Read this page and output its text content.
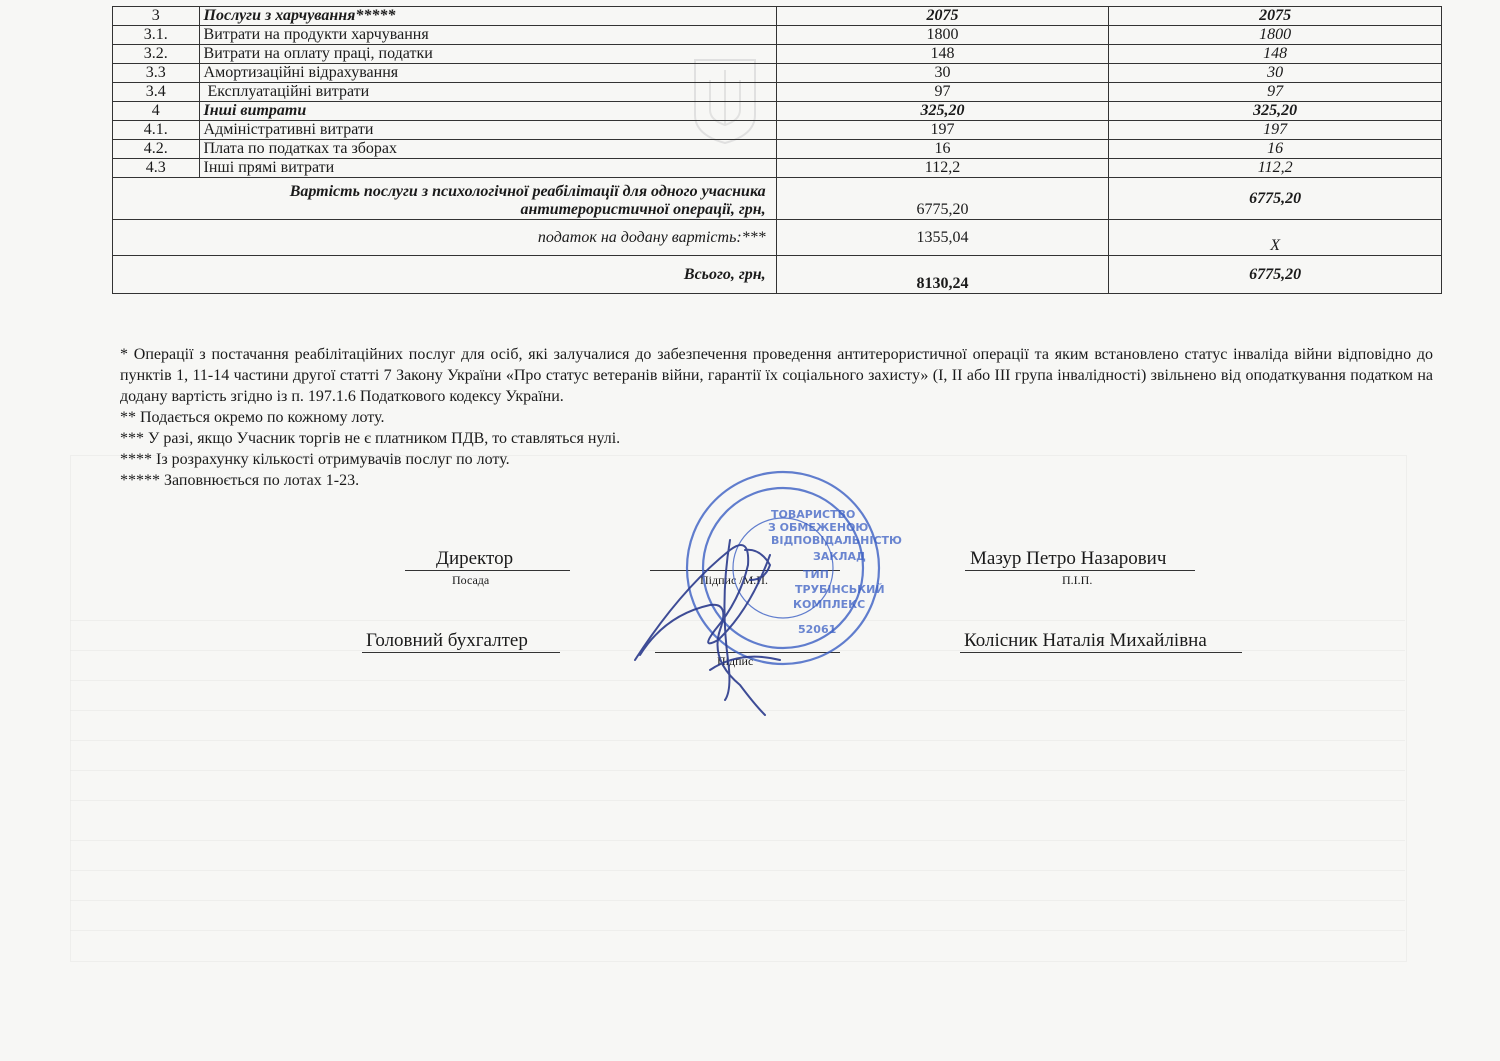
3	Послуги з харчування*****	2075	2075
3.1.	Витрати на продукти харчування	1800	1800
3.2.	Витрати на оплату праці, податки	148	148
3.3	Амортизаційні відрахування	30	30
3.4	Експлуатаційні витрати	97	97
4	Інші витрати	325,20	325,20
4.1.	Адміністративні витрати	197	197
4.2.	Плата по податках та зборах	16	16
4.3	Інші прямі витрати	112,2	112,2

Вартість послуги з психологічної реабілітації для одного учасника
антитерористичної операції, грн,		6775,20	6775,20
податок на додану вартість:***		1355,04	Х
Всього, грн,		8130,24	6775,20

* Операції з постачання реабілітаційних послуг для осіб, які залучалися до забезпечення проведення антитерористичної операції та яким встановлено статус інваліда війни відповідно до пунктів 1, 11-14 частини другої статті 7 Закону України «Про статус ветеранів війни, гарантії їх соціального захисту» (І, ІІ або ІІІ група інвалідності) звільнено від оподаткування податком на додану вартість згідно із п. 197.1.6 Податкового кодексу України.

** Подається окремо по кожному лоту.

*** У разі, якщо Учасник торгів не є платником ПДВ, то ставляться нулі.

**** Із розрахунку кількості отримувачів послуг по лоту.

***** Заповнюється по лотах 1-23.

Директор
Посада	Підпис /М.П.
Мазур Петро Назарович
П.І.П.
Головний бухгалтер
Підпис
Колісник Наталія Михайлівна
ТОВАРИСТВО
З ОБМЕЖЕНОЮ
ВІДПОВІДАЛЬНІСТЮ
ЗАКЛАД
ТИП
ТРУБІНСЬКИЙ
КОМПЛЕКС
52061
